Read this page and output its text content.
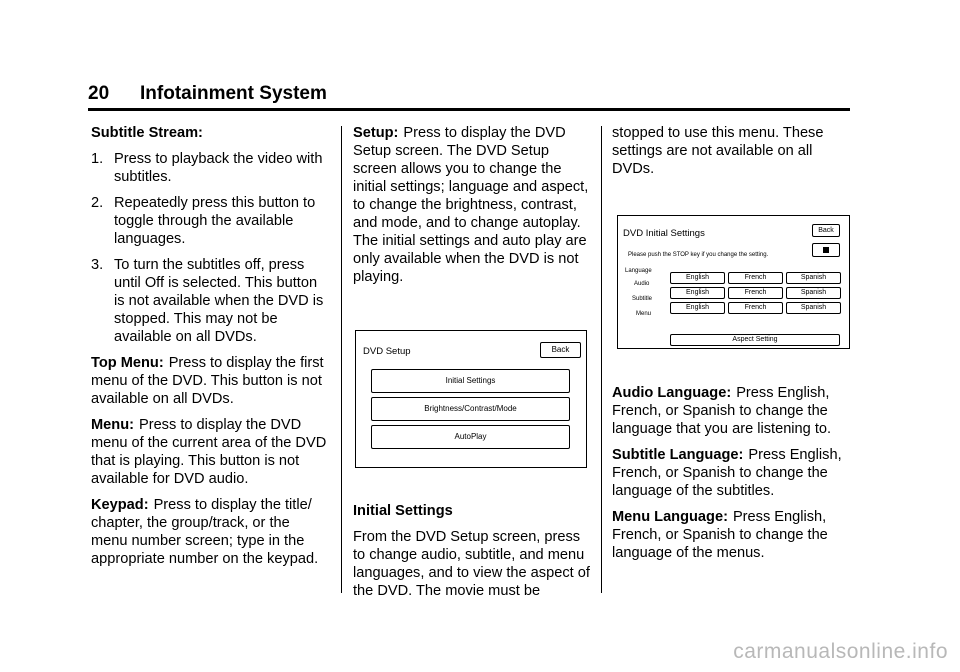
20 Infotainment System

Subtitle Stream:

1. Press to playback the video with subtitles.
2. Repeatedly press this button to toggle through the available languages.
3. To turn the subtitles off, press until Off is selected. This button is not available when the DVD is stopped. This may not be available on all DVDs.

Top Menu: Press to display the first menu of the DVD. This button is not available on all DVDs.

Menu: Press to display the DVD menu of the current area of the DVD that is playing. This button is not available for DVD audio.

Keypad: Press to display the title/ chapter, the group/track, or the menu number screen; type in the appropriate number on the keypad.

Setup: Press to display the DVD Setup screen. The DVD Setup screen allows you to change the initial settings; language and aspect, to change the brightness, contrast, and mode, and to change autoplay. The initial settings and auto play are only available when the DVD is not playing.

DVD Setup	Back
Initial Settings
Brightness/Contrast/Mode
AutoPlay

Initial Settings

From the DVD Setup screen, press to change audio, subtitle, and menu languages, and to view the aspect of the DVD. The movie must be

stopped to use this menu. These settings are not available on all DVDs.

DVD Initial Settings	Back
Please push the STOP key if you change the setting.
Language
Audio
English	French	Spanish
Subtitle
English	French	Spanish
Menu
English	French	Spanish
Aspect Setting

Audio Language: Press English, French, or Spanish to change the language that you are listening to.

Subtitle Language: Press English, French, or Spanish to change the language of the subtitles.

Menu Language: Press English, French, or Spanish to change the language of the menus.

carmanualsonline.info
